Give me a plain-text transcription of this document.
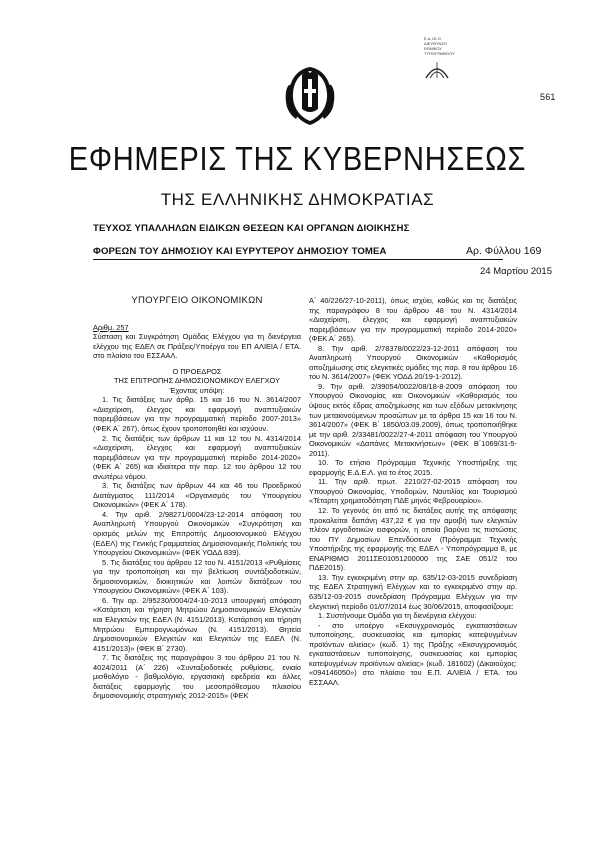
Ε.Δ.Ι.Ε.Ο.
ΔΙΕΥΘΥΝΣΗ
ΕΘΝΙΚΟΥ
ΤΥΠΟΓΡΑΦΕΙΟΥ
561
ΕΦΗΜΕΡΙΣ ΤΗΣ ΚΥΒΕΡΝΗΣΕΩΣ
ΤΗΣ ΕΛΛΗΝΙΚΗΣ ΔΗΜΟΚΡΑΤΙΑΣ
ΤΕΥΧΟΣ ΥΠΑΛΛΗΛΩΝ ΕΙΔΙΚΩΝ ΘΕΣΕΩΝ ΚΑΙ ΟΡΓΑΝΩΝ ΔΙΟΙΚΗΣΗΣ
ΦΟΡΕΩΝ ΤΟΥ ΔΗΜΟΣΙΟΥ ΚΑΙ ΕΥΡΥΤΕΡΟΥ ΔΗΜΟΣΙΟΥ ΤΟΜΕΑ	Αρ. Φύλλου 169
24 Μαρτίου 2015

ΥΠΟΥΡΓΕΙΟ ΟΙΚΟΝΟΜΙΚΩΝ

Αριθμ. 257

Σύσταση και Συγκρότηση Ομάδας Ελέγχου για τη διενέργεια ελέγχου της ΕΔΕΛ σε Πράξεις/Υποέργα του ΕΠ ΑΛΙΕΙΑ / ΕΤΑ. στο πλαίσιο του ΕΣΣΑΑΛ.

Ο ΠΡΟΕΔΡΟΣ

ΤΗΣ ΕΠΙΤΡΟΠΗΣ ΔΗΜΟΣΙΟΝΟΜΙΚΟΥ ΕΛΕΓΧΟΥ

Έχοντας υπόψη:

1. Τις διατάξεις των άρθρ. 15 και 16 του Ν. 3614/2007 «Διαχείριση, έλεγχος και εφαρμογή αναπτυξιακών παρεμβάσεων για την προγραμματική περίοδο 2007-2013» (ΦΕΚ Α΄ 267), όπως έχουν τροποποιηθεί και ισχύουν.

2. Τις διατάξεις των άρθρων 11 και 12 του Ν. 4314/2014 «Διαχείριση, έλεγχος και εφαρμογή αναπτυξιακών παρεμβάσεων για την προγραμματική περίοδο 2014-2020» (ΦΕΚ Α΄ 265) και ιδιαίτερα την παρ. 12 του άρθρου 12 του ανωτέρω νόμου.

3. Τις διατάξεις των άρθρων 44 και 46 του Προεδρικού Διατάγματος 111/2014 «Οργανισμός του Υπουργείου Οικονομικών» (ΦΕΚ Α΄ 178).

4. Την αριθ. 2/98271/0004/23-12-2014 απόφαση του Αναπληρωτή Υπουργού Οικονομικών «Συγκρότηση και ορισμός μελών της Επιτροπής Δημοσιονομικού Ελέγχου (ΕΔΕΛ) της Γενικής Γραμματείας Δημοσιονομικής Πολιτικής του Υπουργείου Οικονομικών» (ΦΕΚ ΥΟΔΔ 839).

5. Τις διατάξεις του άρθρου 12 του Ν. 4151/2013 «Ρυθμίσεις για την τροποποίηση και την βελτίωση συντάξιοδοτικών, δημοσιονομικών, διοικητικών και λοιπών διατάξεων του Υπουργείου Οικονομικών» (ΦΕΚ Α΄ 103).

6. Την αρ. 2/95230/0004/24-10-2013 υπουργική απόφαση «Κατάρτιση και τήρηση Μητρώου Δημοσιονομικών Ελεγκτών και Ελεγκτών της ΕΔΕΛ (Ν. 4151/2013). Κατάρτιση και τήρηση Μητρώου Εμπειρογνωμόνων (Ν. 4151/2013). Θητεία Δημοσιονομικών Ελεγκτών και Ελεγκτών της ΕΔΕΛ (Ν. 4151/2013)» (ΦΕΚ Β΄ 2730).

7. Τις διατάξεις της παραγράφου 3 του άρθρου 21 του Ν. 4024/2011 (Α΄ 226) «Συνταξιοδοτικές ρυθμίσεις, ενιαίο μισθολόγιο - βαθμολόγιο, εργασιακή εφεδρεία και άλλες διατάξεις εφαρμογής του μεσοπρόθεσμου πλαισίου δημοσιονομικής στρατηγικής 2012-2015» (ΦΕΚ

Α΄ 40/226/27-10-2011), όπως ισχύει, καθώς και τις διατάξεις της παραγράφου 8 του άρθρου 48 του Ν. 4314/2014 «Διαχείριση, έλεγχος και εφαρμογή αναπτυξιακών παρεμβάσεων για την προγραμματική περίοδο 2014-2020» (ΦΕΚ Α΄ 265).

8. Την αριθ. 2/78378/0022/23-12-2011 απόφαση του Αναπληρωτή Υπουργού Οικονομικών «Καθορισμός αποζημίωσης στις ελεγκτικές ομάδες της παρ. 8 του άρθρου 16 του Ν. 3614/2007» (ΦΕΚ ΥΟΔΔ 20/19-1-2012).

9. Την αριθ. 2/39054/0022/08/18-8-2009 απόφαση του Υπουργού Οικονομίας και Οικονομικών «Καθορισμός του ύψους εκτός έδρας αποζημίωσης και των εξόδων μετακίνησης των μετακινούμενων προσώπων με τα άρθρα 15 και 16 του Ν. 3614/2007» (ΦΕΚ Β΄ 1850/03.09.2009), όπως τροποποιήθηκε με την αριθ. 2/33481/0022/27-4-2011 απόφαση του Υπουργού Οικονομικών «Δαπάνες Μετακινήσεων» (ΦΕΚ Β΄1069/31-5-2011).

10. Το ετήσιο Πρόγραμμα Τεχνικής Υποστήριξης της εφαρμογής Ε.Δ.Ε.Λ. για το έτος 2015.

11. Την αριθ. πρωτ. 2210/27-02-2015 απόφαση του Υπουργού Οικονομίας, Υποδομών, Ναυτιλίας και Τουρισμού «Τέταρτη χρηματοδότηση ΠΔΕ μηνός Φεβρουαρίου».

12. Το γεγονός ότι από τις διατάξεις αυτής της απόφασης προκαλείται δαπάνη 437,22 € για την αμοιβή των ελεγκτών πλέον εργοδοτικών εισφορών, η οποία βαρύνει τις πιστώσεις του ΠΥ Δημοσίων Επενδύσεων (Πρόγραμμα Τεχνικής Υποστήριξης της εφαρμογής της ΕΔΕΛ - Υποπρόγραμμα 8, με ΕΝΑΡΙΘΜΟ 2011ΣΕ01051200000 της ΣΑΕ 051/2 του ΠΔΕ2015).

13. Την εγκεκριμένη στην αρ. 635/12-03-2015 συνεδρίαση της ΕΔΕΛ Στρατηγική Ελέγχων και το εγκεκριμένο στην αρ. 635/12-03-2015 συνεδρίαση Πρόγραμμα Ελέγχων για την ελεγκτική περίοδο 01/07/2014 έως 30/06/2015, αποφασίζουμε:

1. Συστήνουμε Ομάδα για τη διενέργεια ελέγχου:

- στο υποέργο «Εκσυγχρονισμός εγκαταστάσεων τυποποίησης, συσκευασίας και εμπορίας κατεψυγμένων προϊόντων αλιείας» (κωδ. 1) της Πράξης «Εκσυγχρονισμός εγκαταστάσεων τυποποίησης, συσκευασίας και εμπορίας κατεψυγμένων προϊόντων αλιείας» (κωδ. 181602) (Δικαιούχος: «094146050») στο πλαίσιο του Ε.Π. ΑΛΙΕΙΑ / ΕΤΑ. του ΕΣΣΑΑΛ.
